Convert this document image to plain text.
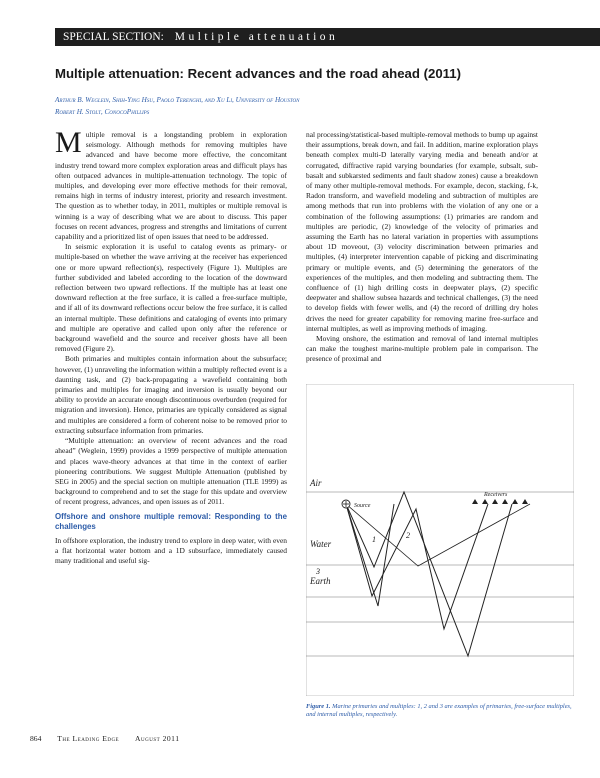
SPECIAL SECTION: Multiple attenuation
Multiple attenuation: Recent advances and the road ahead (2011)
Arthur B. Weglein, Shih-Ying Hsu, Paolo Terenghi, and Xu Li, University of Houston
Robert H. Stolt, ConocoPhillips

Multiple removal is a longstanding problem in exploration seismology. Although methods for removing multiples have advanced and have become more effective, the concomitant industry trend toward more complex exploration areas and difficult plays has often outpaced advances in multiple-attenuation technology. The topic of multiples, and developing ever more effective methods for their removal, remains high in terms of industry interest, priority and research investment. The question as to whether today, in 2011, multiples or multiple removal is winning is a way of describing what we are about to discuss. This paper focuses on recent advances, progress and strengths and limitations of current capability and a prioritized list of open issues that need to be addressed.

In seismic exploration it is useful to catalog events as primary- or multiple-based on whether the wave arriving at the receiver has experienced one or more upward reflection(s), respectively (Figure 1). Multiples are further subdivided and labeled according to the location of the downward reflection between two upward reflections. If the multiple has at least one downward reflection at the free surface, it is called a free-surface multiple, and if all of its downward reflections occur below the free surface, it is called an internal multiple. These definitions and cataloging of events into primary and multiple are operative and called upon only after the reference or background wavefield and the source and receiver ghosts have all been removed (Figure 2).

Both primaries and multiples contain information about the subsurface; however, (1) unraveling the information within a multiply reflected event is a daunting task, and (2) back-propagating a wavefield containing both primaries and multiples for imaging and inversion is usually beyond our ability to provide an accurate enough discontinuous overburden (required for migration and inversion). Hence, primaries are typically considered as signal and multiples are considered a form of coherent noise to be removed prior to extracting subsurface information from primaries.

“Multiple attenuation: an overview of recent advances and the road ahead” (Weglein, 1999) provides a 1999 perspective of multiple attenuation and places wave-theory advances at that time in the context of earlier pioneering contributions. We suggest Multiple Attenuation (published by SEG in 2005) and the special section on multiple attenuation (TLE 1999) as background to comprehend and to set the stage for this update and overview of recent progress, advances, and open issues as of 2011.

Offshore and onshore multiple removal: Responding to the challenges

In offshore exploration, the industry trend to explore in deep water, with even a flat horizontal water bottom and a 1D subsurface, immediately caused many traditional and useful sig-

nal processing/statistical-based multiple-removal methods to bump up against their assumptions, break down, and fail. In addition, marine exploration plays beneath complex multi-D laterally varying media and beneath and/or at corrugated, diffractive rapid varying boundaries (for example, subsalt, sub-basalt and subkarsted sediments and fault shadow zones) cause a breakdown of many other multiple-removal methods. For example, decon, stacking, f-k, Radon transform, and wavefield modeling and subtraction of multiples are among methods that run into problems with the violation of any one or a combination of the following assumptions: (1) primaries are random and multiples are periodic, (2) knowledge of the velocity of primaries and assuming the Earth has no lateral variation in properties with assumptions about 1D moveout, (3) velocity discrimination between primaries and multiples, (4) interpreter intervention capable of picking and discriminating primary or multiple events, and (5) determining the generators of the experiences of the multiples, and then modeling and subtracting them. The confluence of (1) high drilling costs in deepwater plays, (2) specific deepwater and shallow subsea hazards and technical challenges, (3) the need to develop fields with fewer wells, and (4) the record of drilling dry holes drives the need for greater capability for removing marine free-surface and internal multiples, as well as improving methods of imaging.

Moving onshore, the estimation and removal of land internal multiples can make the toughest marine-multiple problem pale in comparison. The presence of proximal and

Air
Water
Earth
Source
Receivers
1	2
3
Figure 1. Marine primaries and multiples: 1, 2 and 3 are examples of primaries, free-surface multiples, and internal multiples, respectively.
864 The Leading Edge August 2011
